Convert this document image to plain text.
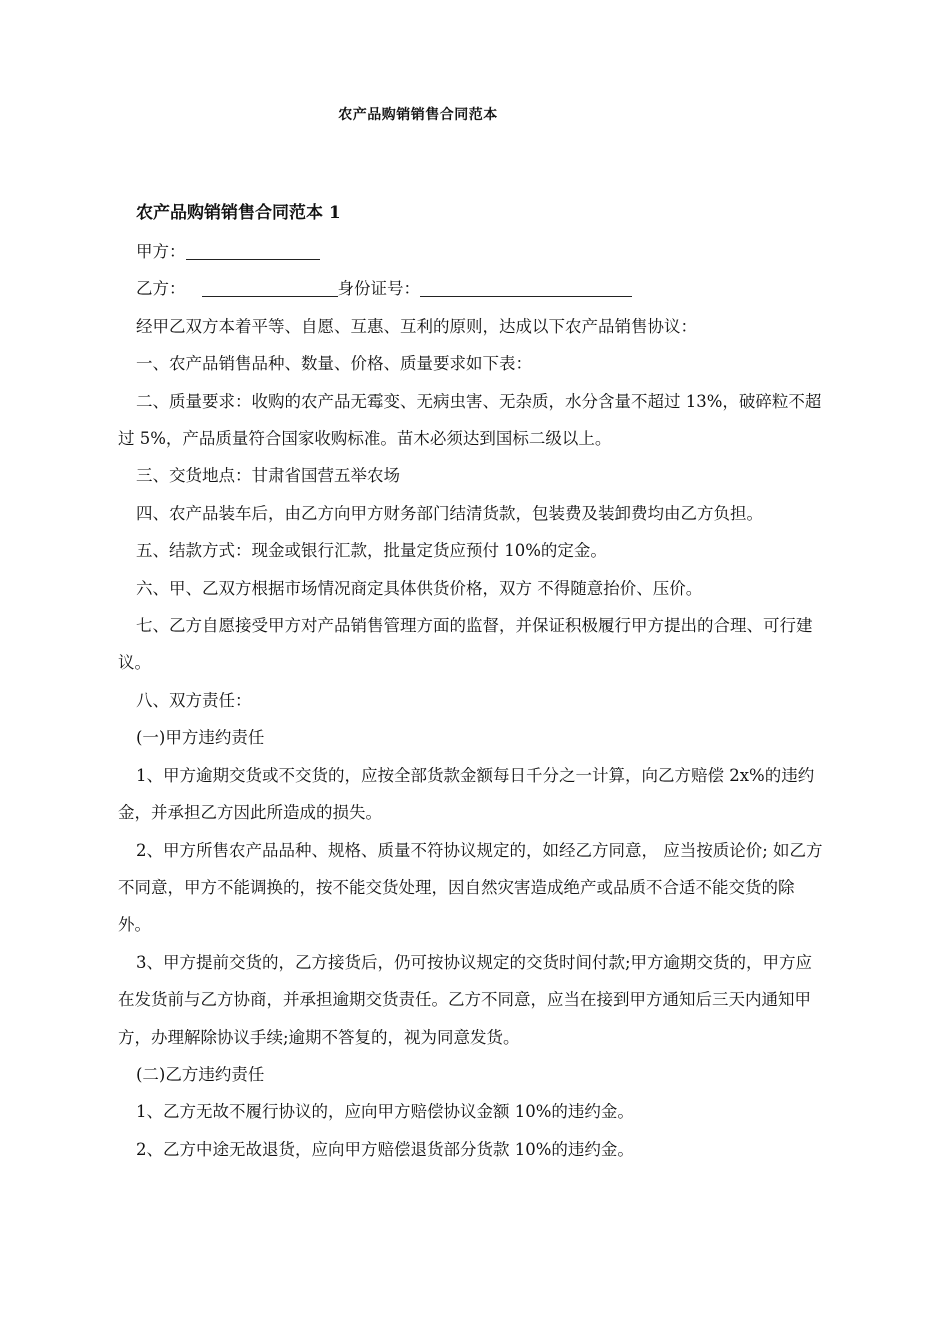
农产品购销销售合同范本
农产品购销销售合同范本 1

甲方：

乙方：	身份证号：

经甲乙双方本着平等、自愿、互惠、互利的原则，达成以下农产品销售协议：

一、农产品销售品种、数量、价格、质量要求如下表：

二、质量要求：收购的农产品无霉变、无病虫害、无杂质，水分含量不超过 13%，破碎粒不超过 5%，产品质量符合国家收购标准。苗木必须达到国标二级以上。

三、交货地点：甘肃省国营五举农场

四、农产品装车后，由乙方向甲方财务部门结清货款，包装费及装卸费均由乙方负担。

五、结款方式：现金或银行汇款，批量定货应预付 10%的定金。

六、甲、乙双方根据市场情况商定具体供货价格，双方 不得随意抬价、压价。

七、乙方自愿接受甲方对产品销售管理方面的监督，并保证积极履行甲方提出的合理、可行建议。

八、双方责任：

(一)甲方违约责任

1、甲方逾期交货或不交货的，应按全部货款金额每日千分之一计算，向乙方赔偿 2x%的违约金，并承担乙方因此所造成的损失。

2、甲方所售农产品品种、规格、质量不符协议规定的，如经乙方同意， 应当按质论价; 如乙方不同意，甲方不能调换的，按不能交货处理，因自然灾害造成绝产或品质不合适不能交货的除外。

3、甲方提前交货的，乙方接货后，仍可按协议规定的交货时间付款;甲方逾期交货的，甲方应在发货前与乙方协商，并承担逾期交货责任。乙方不同意，应当在接到甲方通知后三天内通知甲方，办理解除协议手续;逾期不答复的，视为同意发货。

(二)乙方违约责任

1、乙方无故不履行协议的，应向甲方赔偿协议金额 10%的违约金。

2、乙方中途无故退货，应向甲方赔偿退货部分货款 10%的违约金。
